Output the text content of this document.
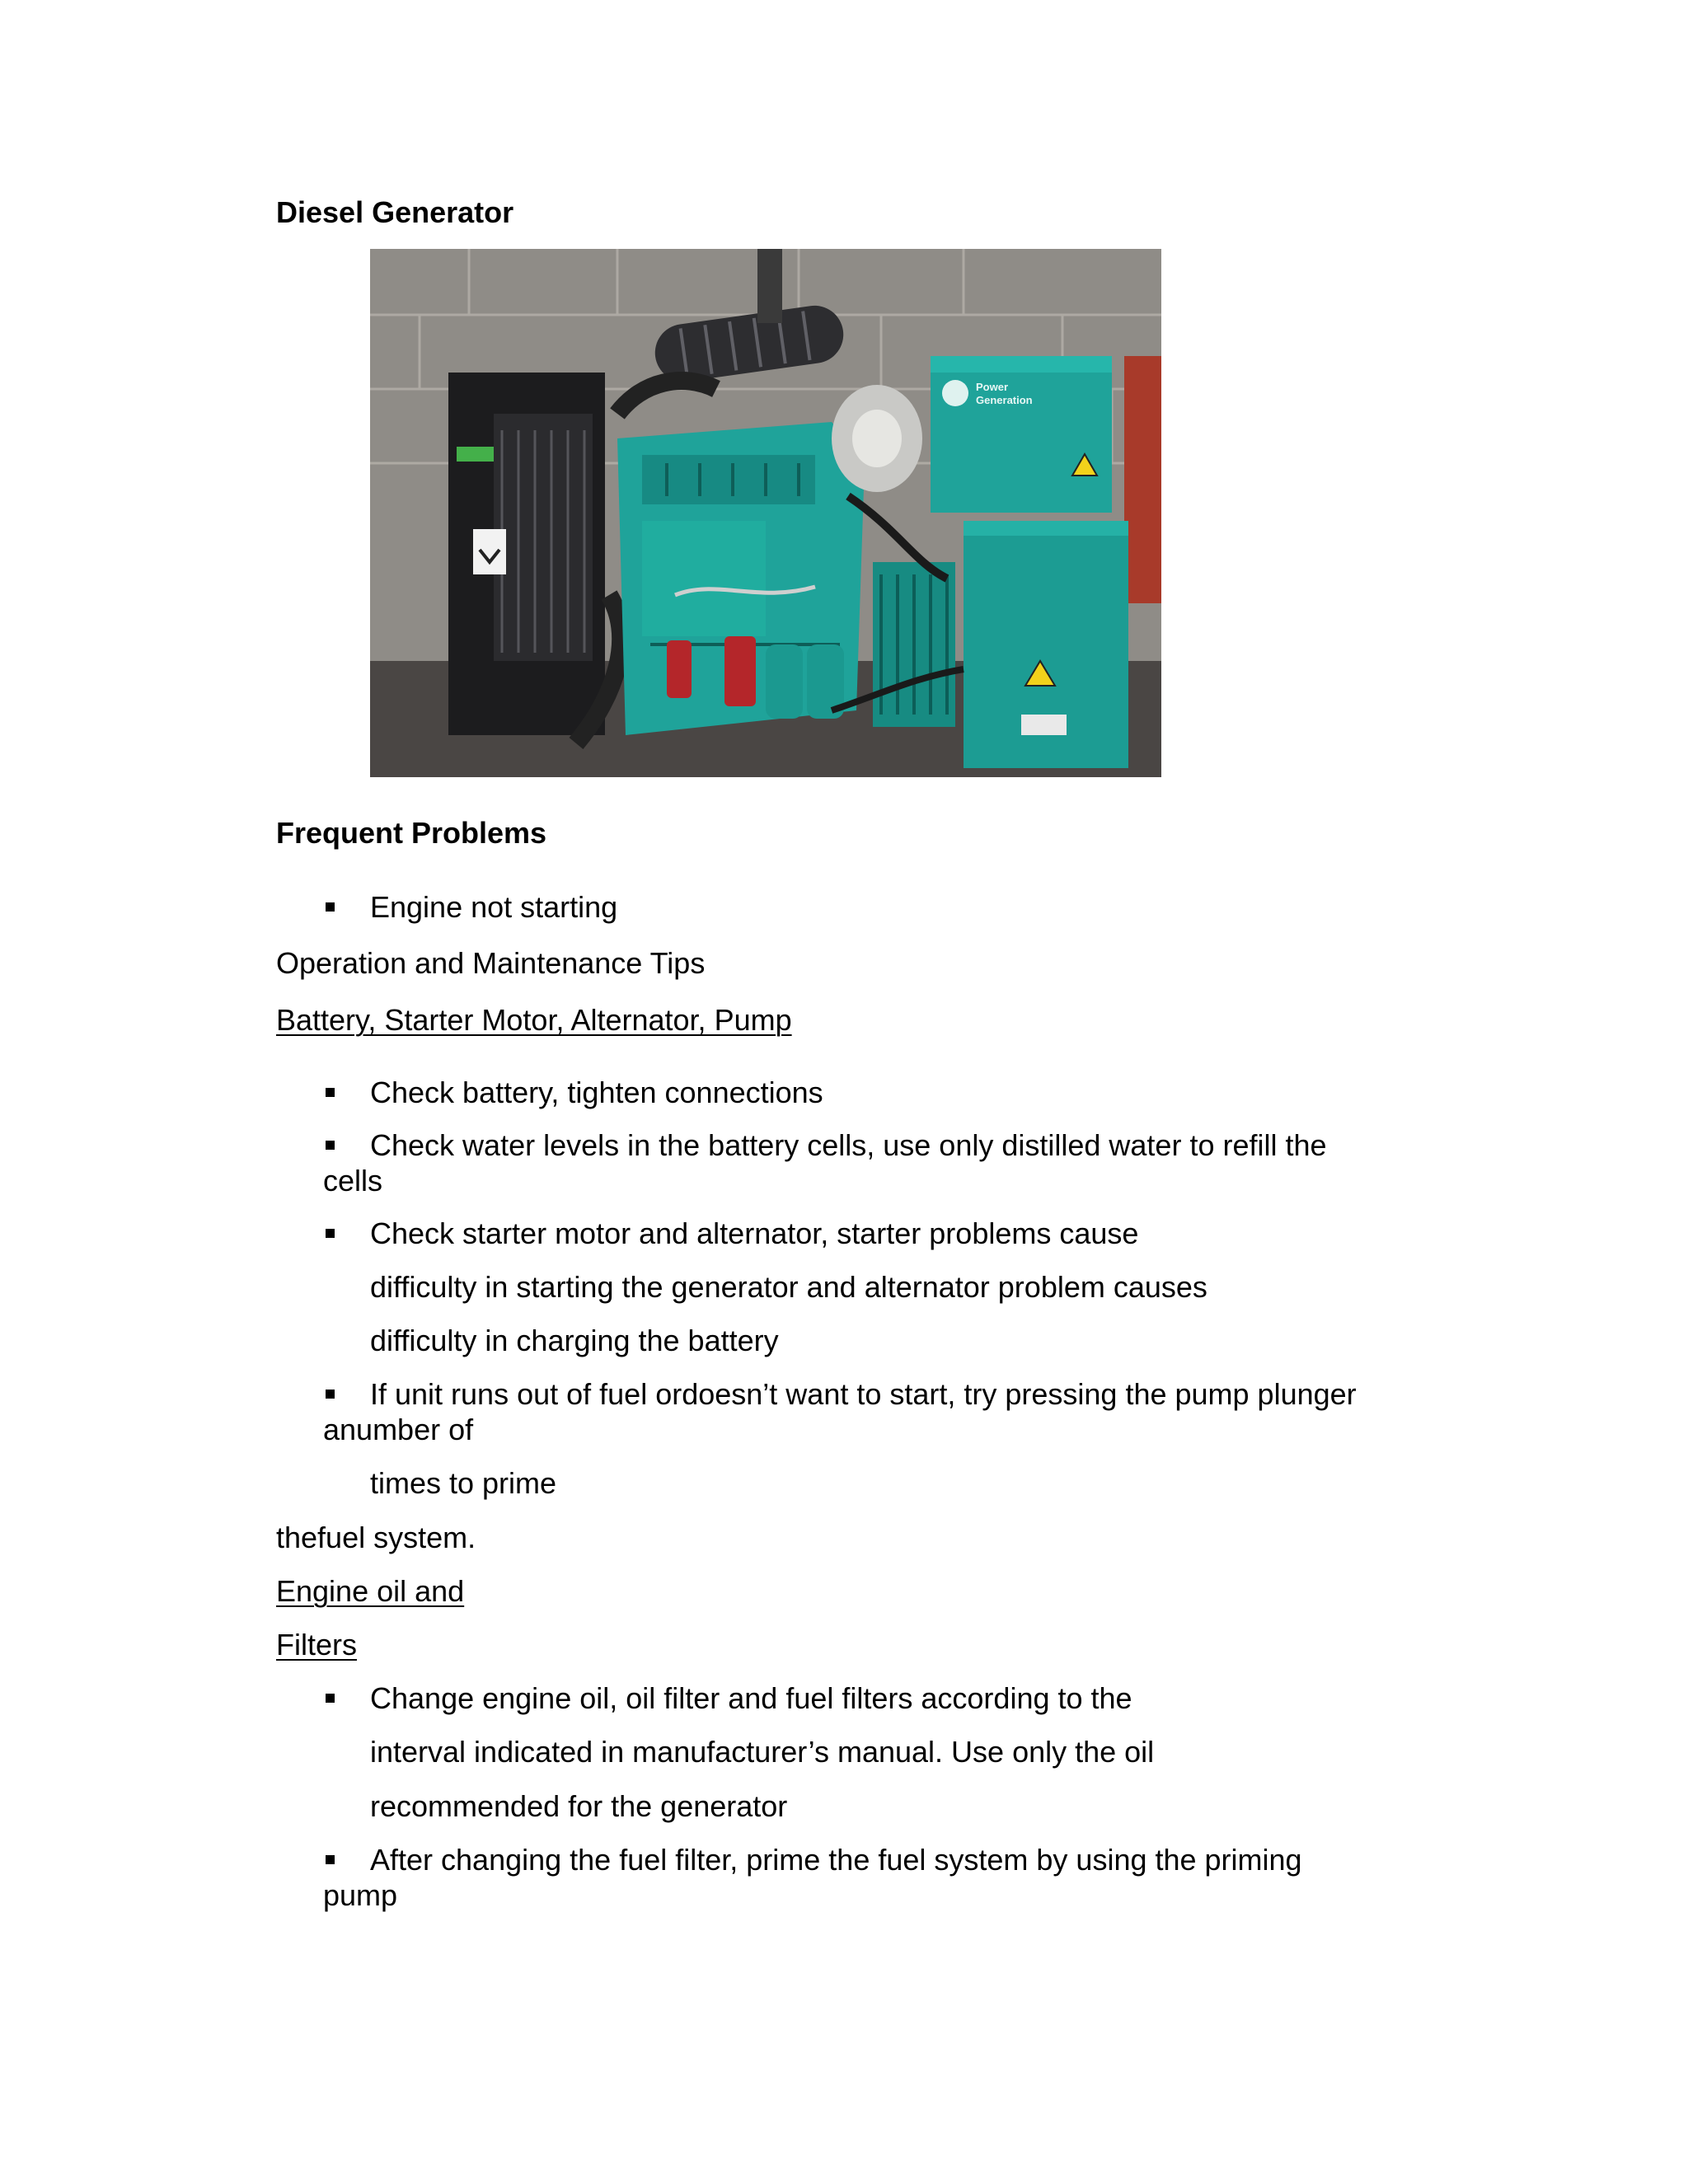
Diesel Generator

Power
Generation

Frequent Problems

Engine not starting

Operation and Maintenance Tips

Battery, Starter Motor, Alternator, Pump

Check battery, tighten connections

Check water levels in the battery cells, use only distilled water to refill the

cells

Check starter motor and alternator, starter problems cause

difficulty in starting the generator and alternator problem causes

difficulty in charging the battery

If unit runs out of fuel ordoesn’t want to start, try pressing the pump plunger

anumber of

times to prime

thefuel system.

Engine oil and

Filters

Change engine oil, oil filter and fuel filters according to the

interval indicated in manufacturer’s manual. Use only the oil

recommended for the generator

After changing the fuel filter, prime the fuel system by using the priming

pump
